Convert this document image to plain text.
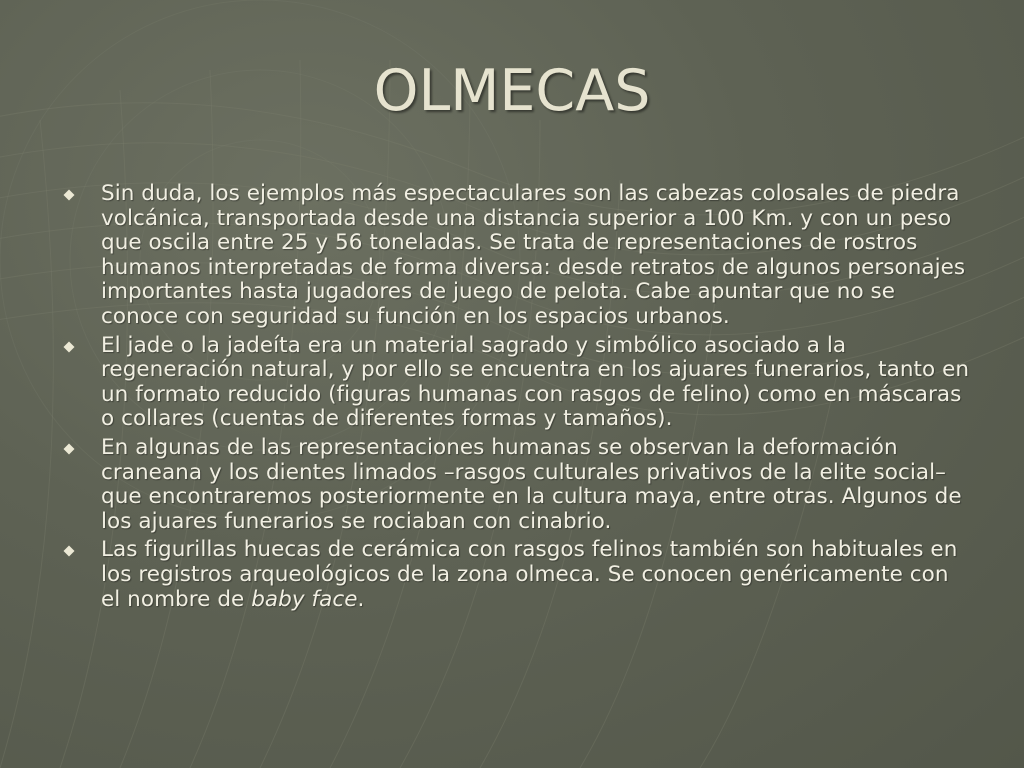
OLMECAS
Sin duda, los ejemplos más espectaculares son las cabezas colosales de piedra volcánica, transportada desde una distancia superior a 100 Km. y con un peso que oscila entre 25 y 56 toneladas. Se trata de representaciones de rostros humanos interpretadas de forma diversa: desde retratos de algunos personajes importantes hasta jugadores de juego de pelota. Cabe apuntar que no se conoce con seguridad su función en los espacios urbanos.
El jade o la jadeíta era un material sagrado y simbólico asociado a la regeneración natural, y por ello se encuentra en los ajuares funerarios, tanto en un formato reducido (figuras humanas con rasgos de felino) como en máscaras o collares (cuentas de diferentes formas y tamaños).
En algunas de las representaciones humanas se observan la deformación craneana y los dientes limados –rasgos culturales privativos de la elite social– que encontraremos posteriormente en la cultura maya, entre otras. Algunos de los ajuares funerarios se rociaban con cinabrio.
Las figurillas huecas de cerámica con rasgos felinos también son habituales en los registros arqueológicos de la zona olmeca. Se conocen genéricamente con el nombre de baby face.
